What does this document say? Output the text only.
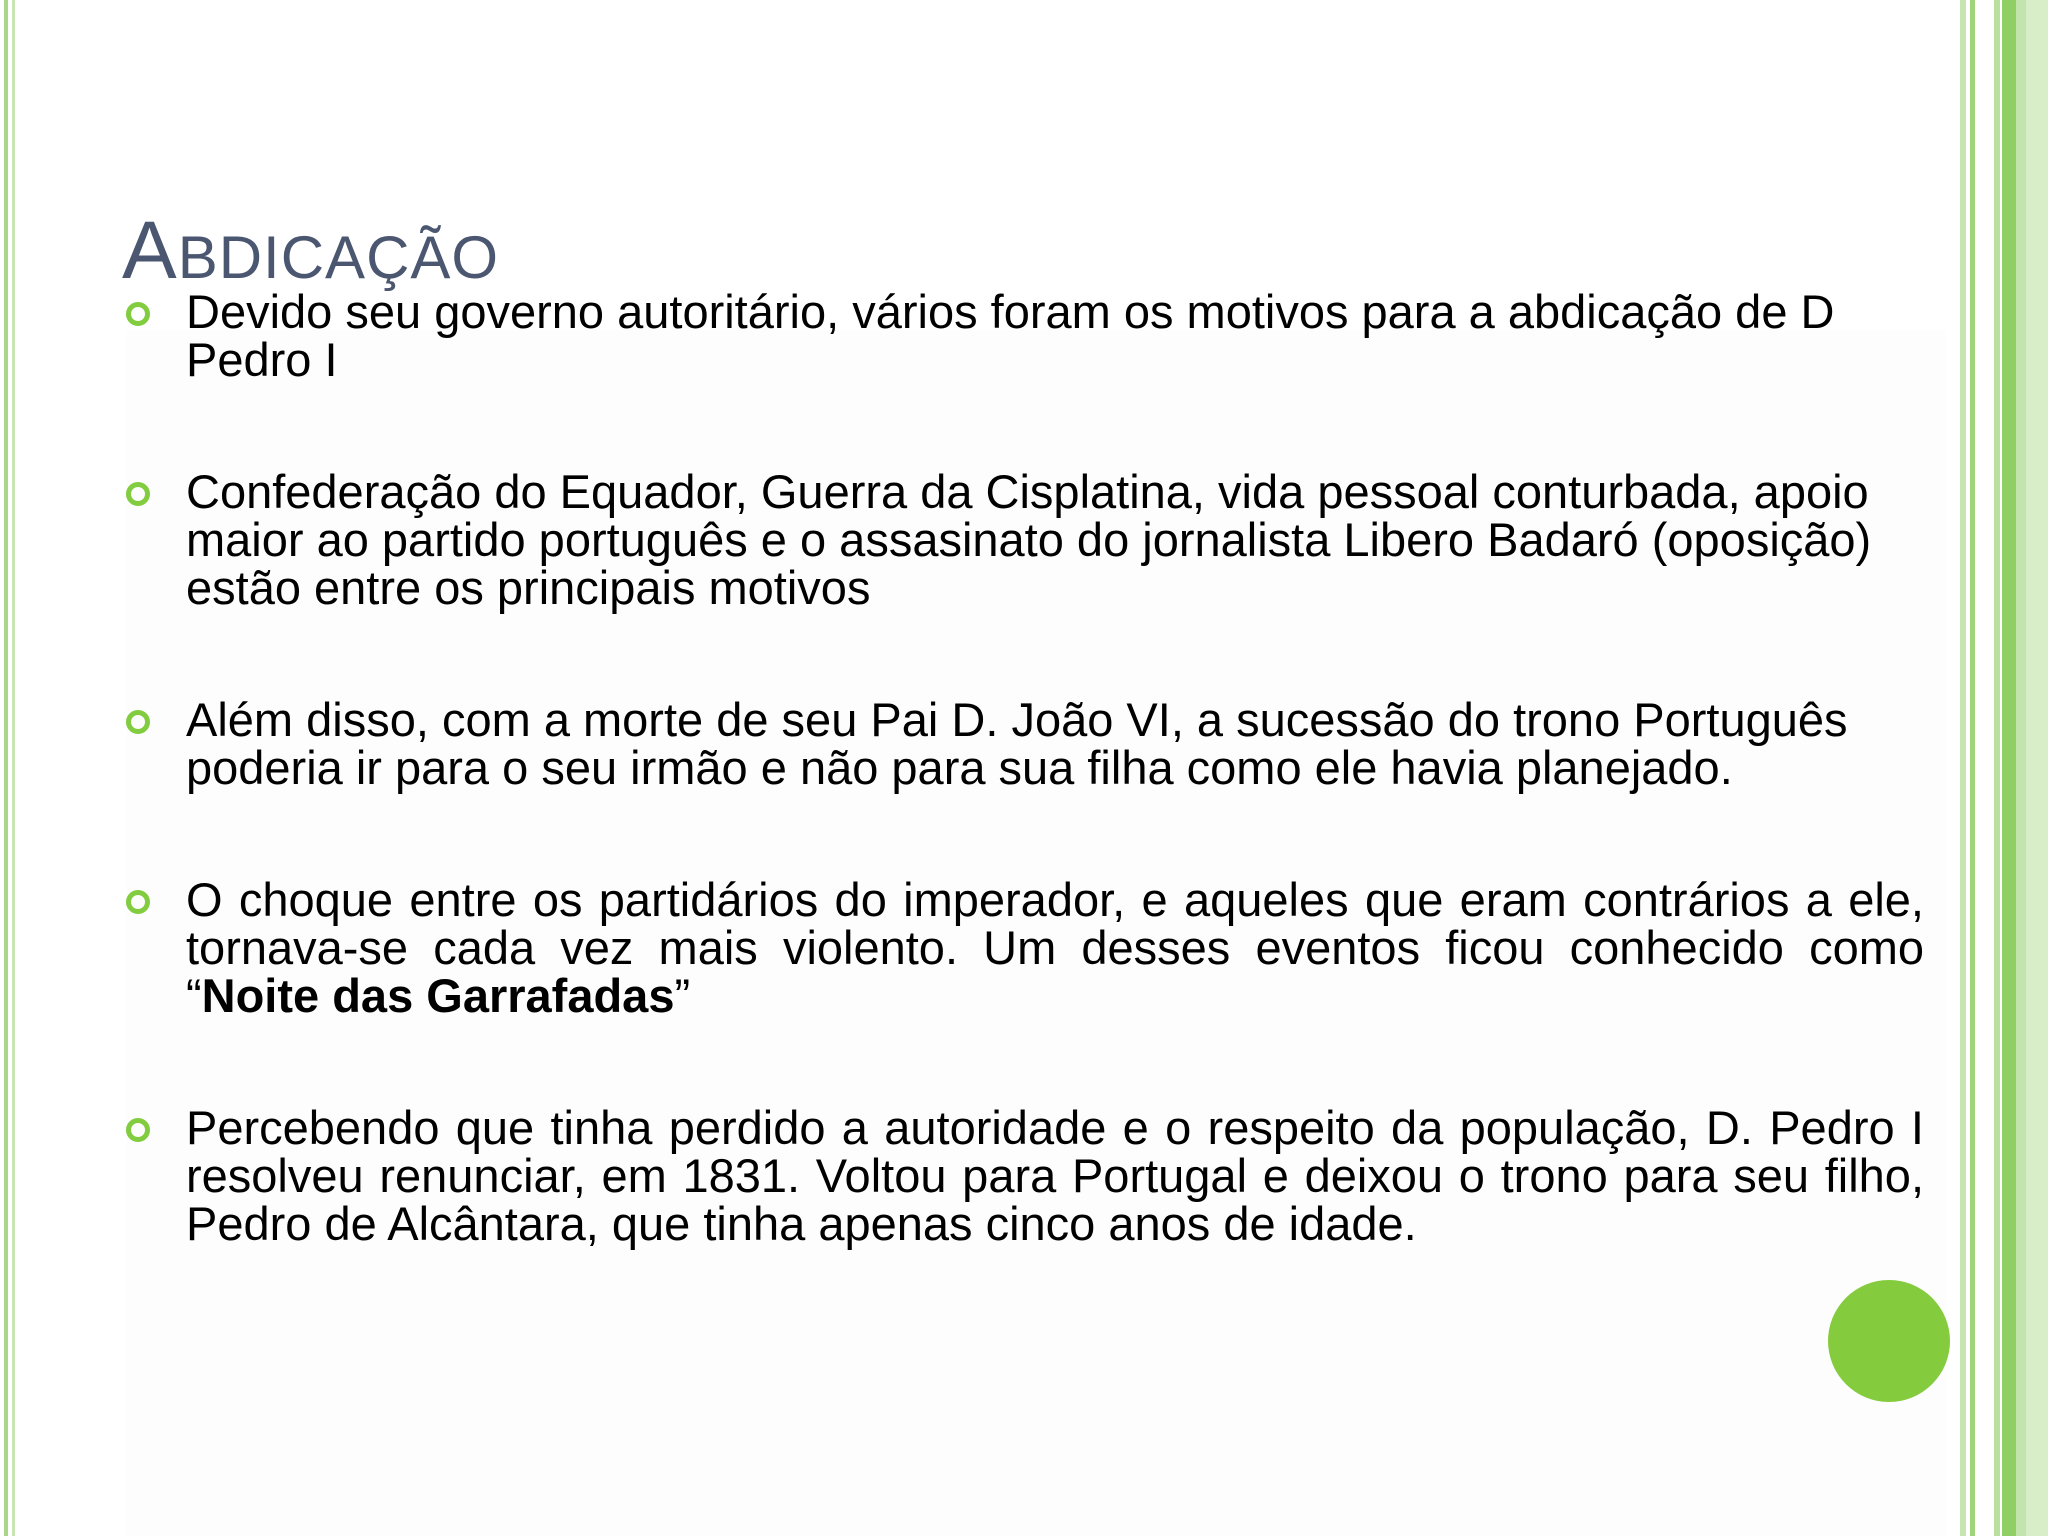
ABDICAÇÃO
Devido seu governo autoritário, vários foram os motivos para a abdicação de D Pedro I
Confederação do Equador, Guerra da Cisplatina, vida pessoal conturbada, apoio maior ao partido português e o assasinato do jornalista Libero Badaró (oposição) estão entre os principais motivos
Além disso, com a morte de seu Pai D. João VI, a sucessão do trono Português poderia ir para o seu irmão e não para sua filha como ele havia planejado.
O choque entre os partidários do imperador, e aqueles que eram contrários a ele, tornava-se cada vez mais violento. Um desses eventos ficou conhecido como “Noite das Garrafadas”
Percebendo que tinha perdido a autoridade e o respeito da população, D. Pedro I resolveu renunciar, em 1831. Voltou para Portugal e deixou o trono para seu filho, Pedro de Alcântara, que tinha apenas cinco anos de idade.
